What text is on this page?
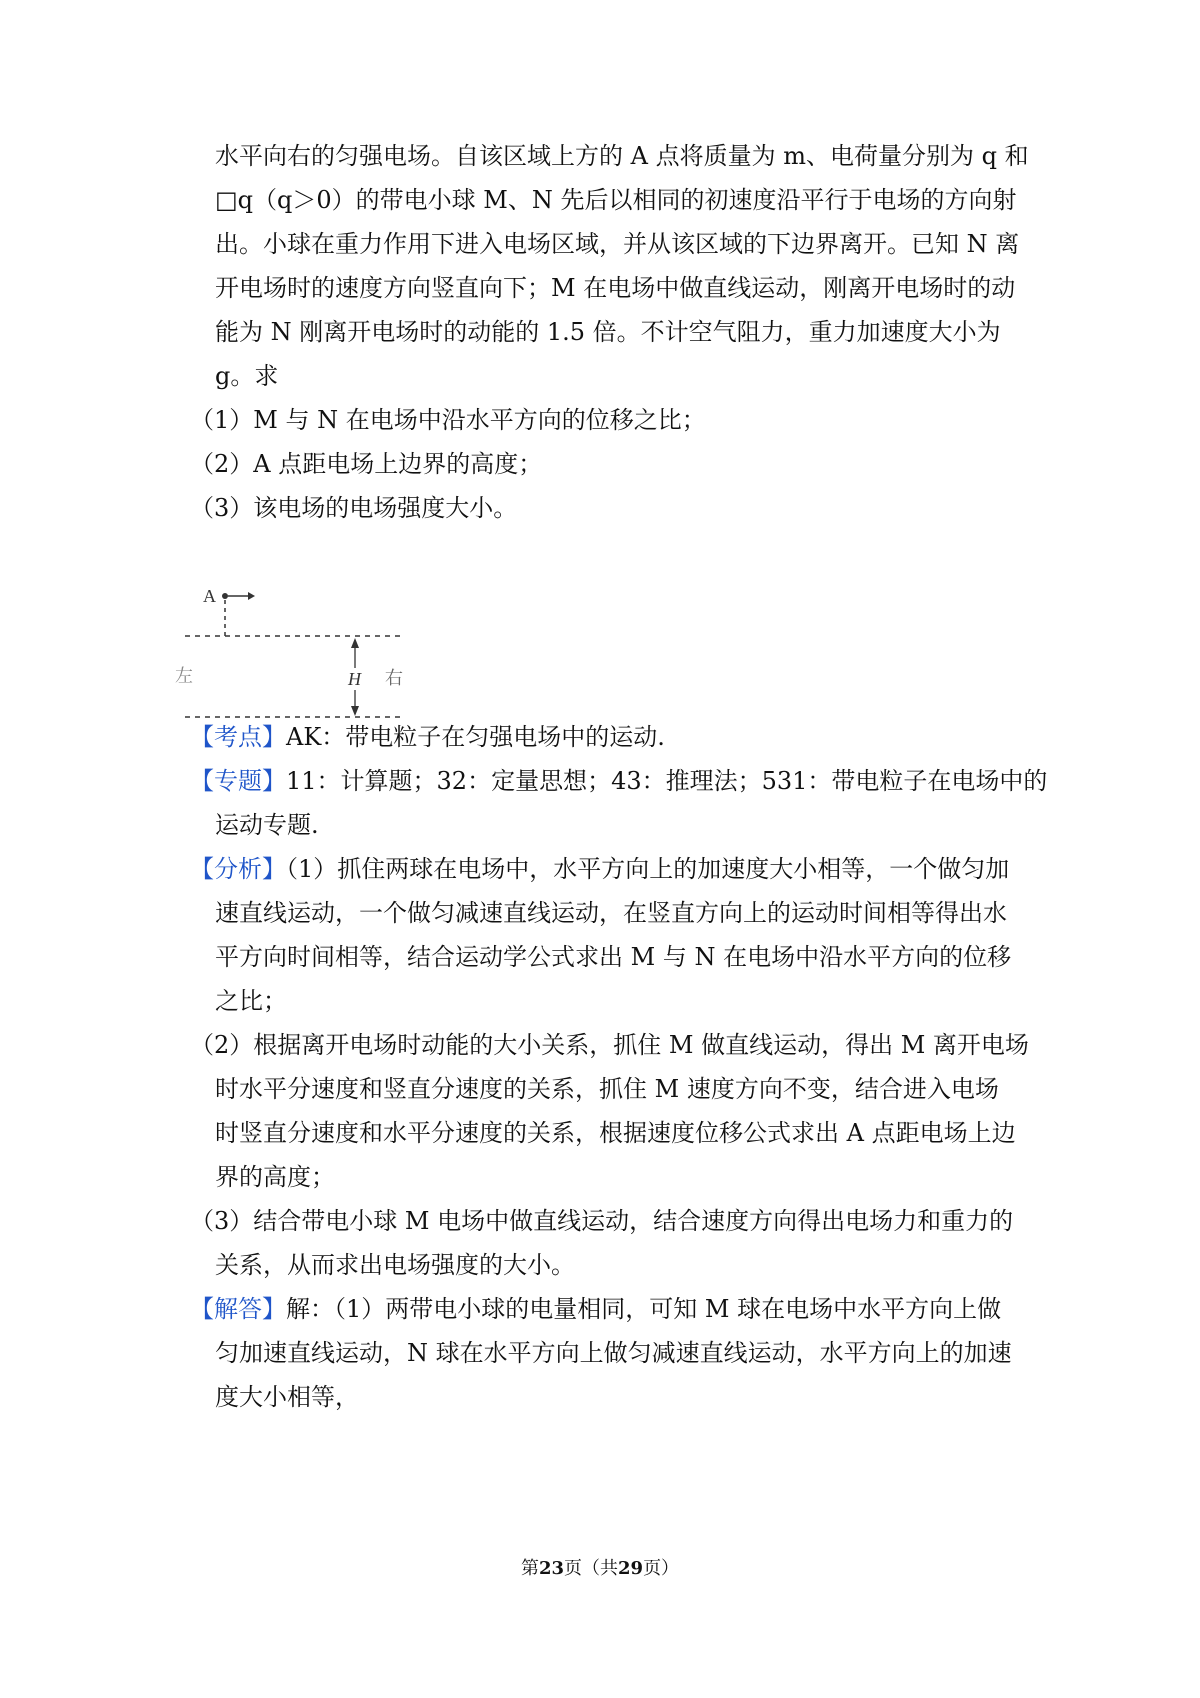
水平向右的匀强电场。自该区域上方的 A 点将质量为 m、电荷量分别为 q 和
□q（q＞0）的带电小球 M、N 先后以相同的初速度沿平行于电场的方向射
出。小球在重力作用下进入电场区域，并从该区域的下边界离开。已知 N 离
开电场时的速度方向竖直向下；M 在电场中做直线运动，刚离开电场时的动
能为 N 刚离开电场时的动能的 1.5 倍。不计空气阻力，重力加速度大小为
g。求
（1）M 与 N 在电场中沿水平方向的位移之比；
（2）A 点距电场上边界的高度；
（3）该电场的电场强度大小。
A
左	H 右
【考点】AK：带电粒子在匀强电场中的运动.
【专题】11：计算题；32：定量思想；43：推理法；531：带电粒子在电场中的
运动专题.
【分析】（1）抓住两球在电场中，水平方向上的加速度大小相等，一个做匀加
速直线运动，一个做匀减速直线运动，在竖直方向上的运动时间相等得出水
平方向时间相等，结合运动学公式求出 M 与 N 在电场中沿水平方向的位移
之比；
（2）根据离开电场时动能的大小关系，抓住 M 做直线运动，得出 M 离开电场
时水平分速度和竖直分速度的关系，抓住 M 速度方向不变，结合进入电场
时竖直分速度和水平分速度的关系，根据速度位移公式求出 A 点距电场上边
界的高度；
（3）结合带电小球 M 电场中做直线运动，结合速度方向得出电场力和重力的
关系，从而求出电场强度的大小。
【解答】解：（1）两带电小球的电量相同，可知 M 球在电场中水平方向上做
匀加速直线运动，N 球在水平方向上做匀减速直线运动，水平方向上的加速
度大小相等，
第23页（共29页）
